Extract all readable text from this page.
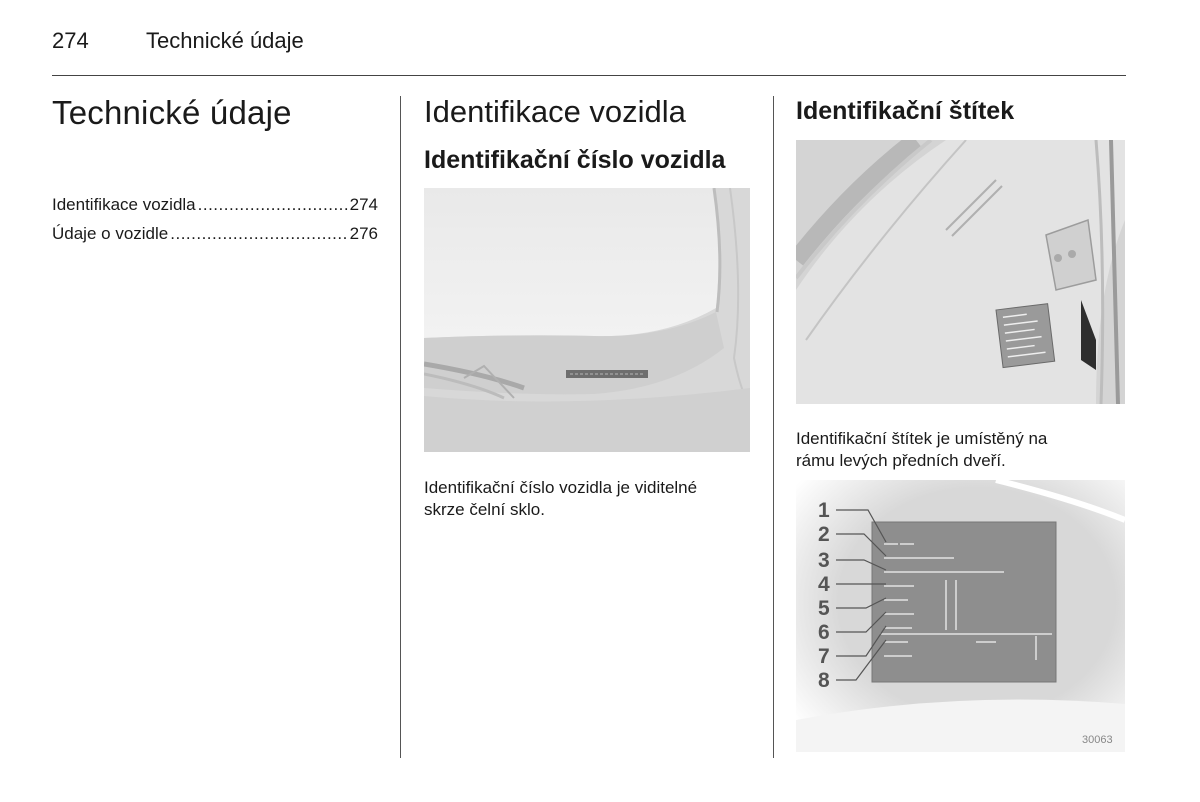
274	Technické údaje
Technické údaje
Identifikace vozidla .....	274
Údaje o vozidle .....	276
Identifikace vozidla
Identifikační číslo vozidla
Identifikační číslo vozidla je viditelné
skrze čelní sklo.
Identifikační štítek
Identifikační štítek je umístěný na
rámu levých předních dveří.
1
2
3
4
5
6
7
8
30063
